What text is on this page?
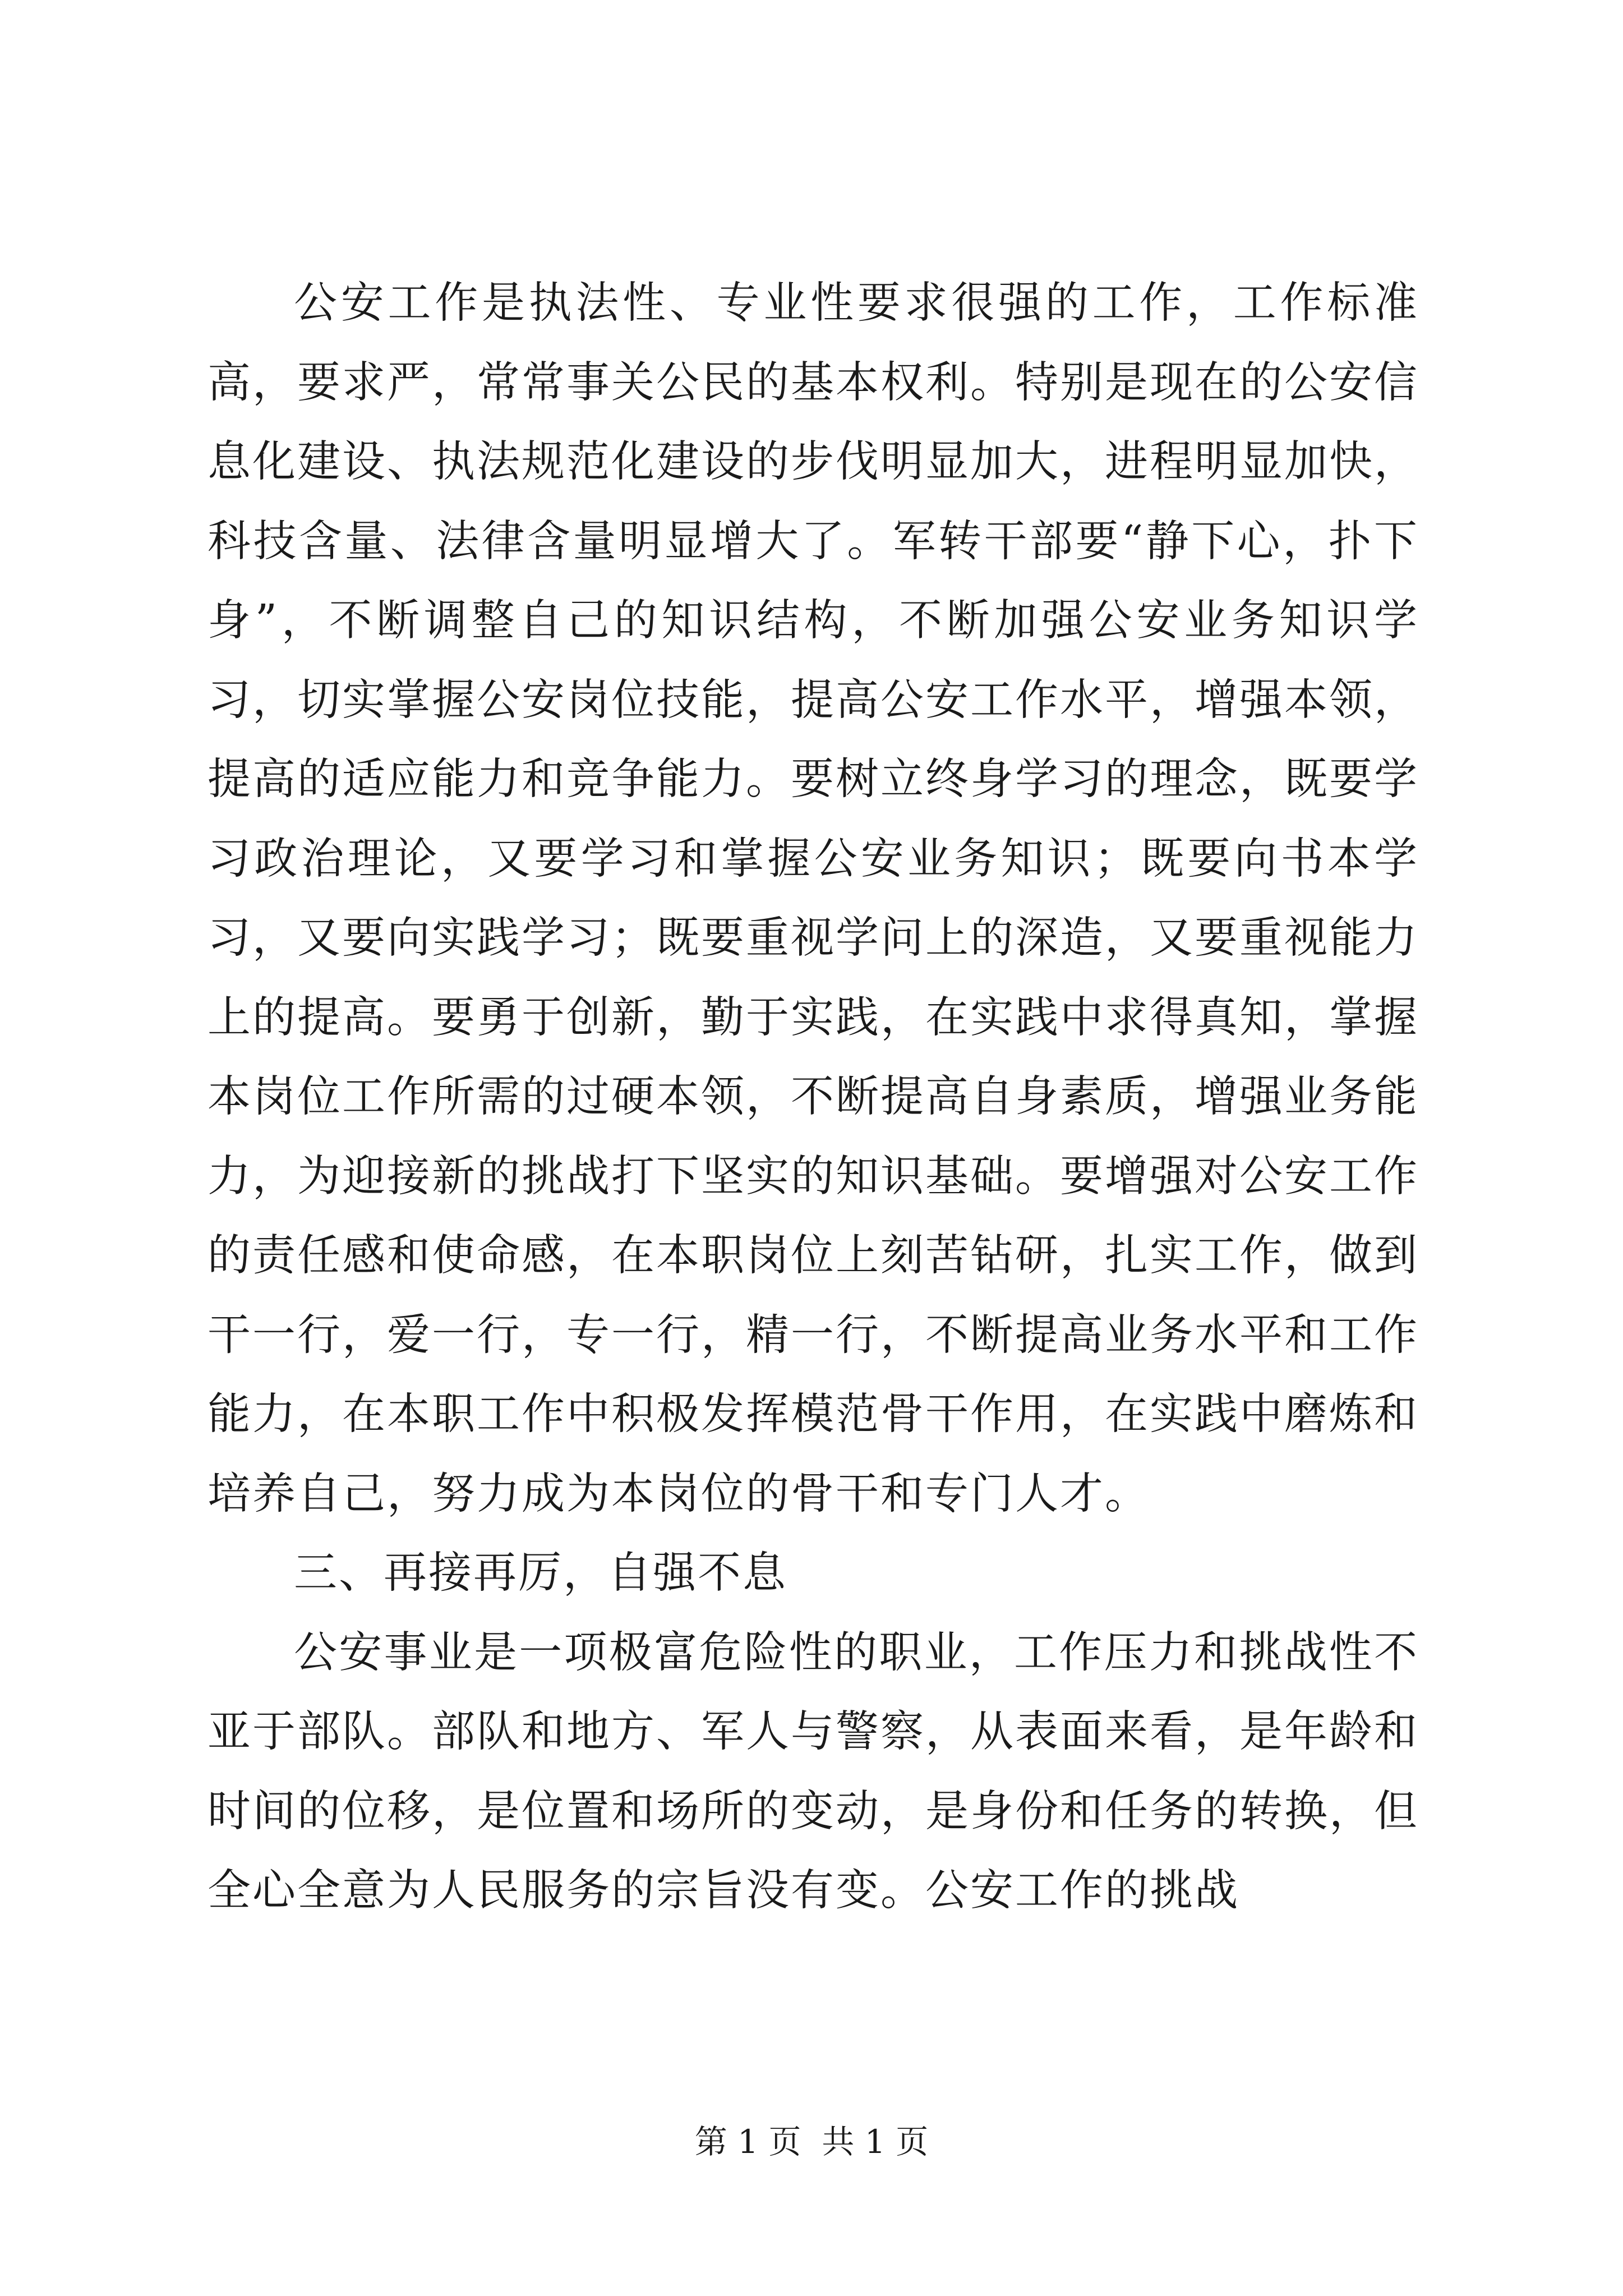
公安工作是执法性、专业性要求很强的工作，工作标准高，要求严，常常事关公民的基本权利。特别是现在的公安信息化建设、执法规范化建设的步伐明显加大，进程明显加快，科技含量、法律含量明显增大了。军转干部要“静下心，扑下身”，不断调整自己的知识结构，不断加强公安业务知识学习，切实掌握公安岗位技能，提高公安工作水平，增强本领，提高的适应能力和竞争能力。要树立终身学习的理念，既要学习政治理论，又要学习和掌握公安业务知识；既要向书本学习，又要向实践学习；既要重视学问上的深造，又要重视能力上的提高。要勇于创新，勤于实践，在实践中求得真知，掌握本岗位工作所需的过硬本领，不断提高自身素质，增强业务能力，为迎接新的挑战打下坚实的知识基础。要增强对公安工作的责任感和使命感，在本职岗位上刻苦钻研，扎实工作，做到干一行，爱一行，专一行，精一行，不断提高业务水平和工作能力，在本职工作中积极发挥模范骨干作用，在实践中磨炼和培养自己，努力成为本岗位的骨干和专门人才。

三、再接再厉，自强不息

公安事业是一项极富危险性的职业，工作压力和挑战性不亚于部队。部队和地方、军人与警察，从表面来看，是年龄和时间的位移，是位置和场所的变动，是身份和任务的转换，但全心全意为人民服务的宗旨没有变。公安工作的挑战

第 1 页  共 1 页
